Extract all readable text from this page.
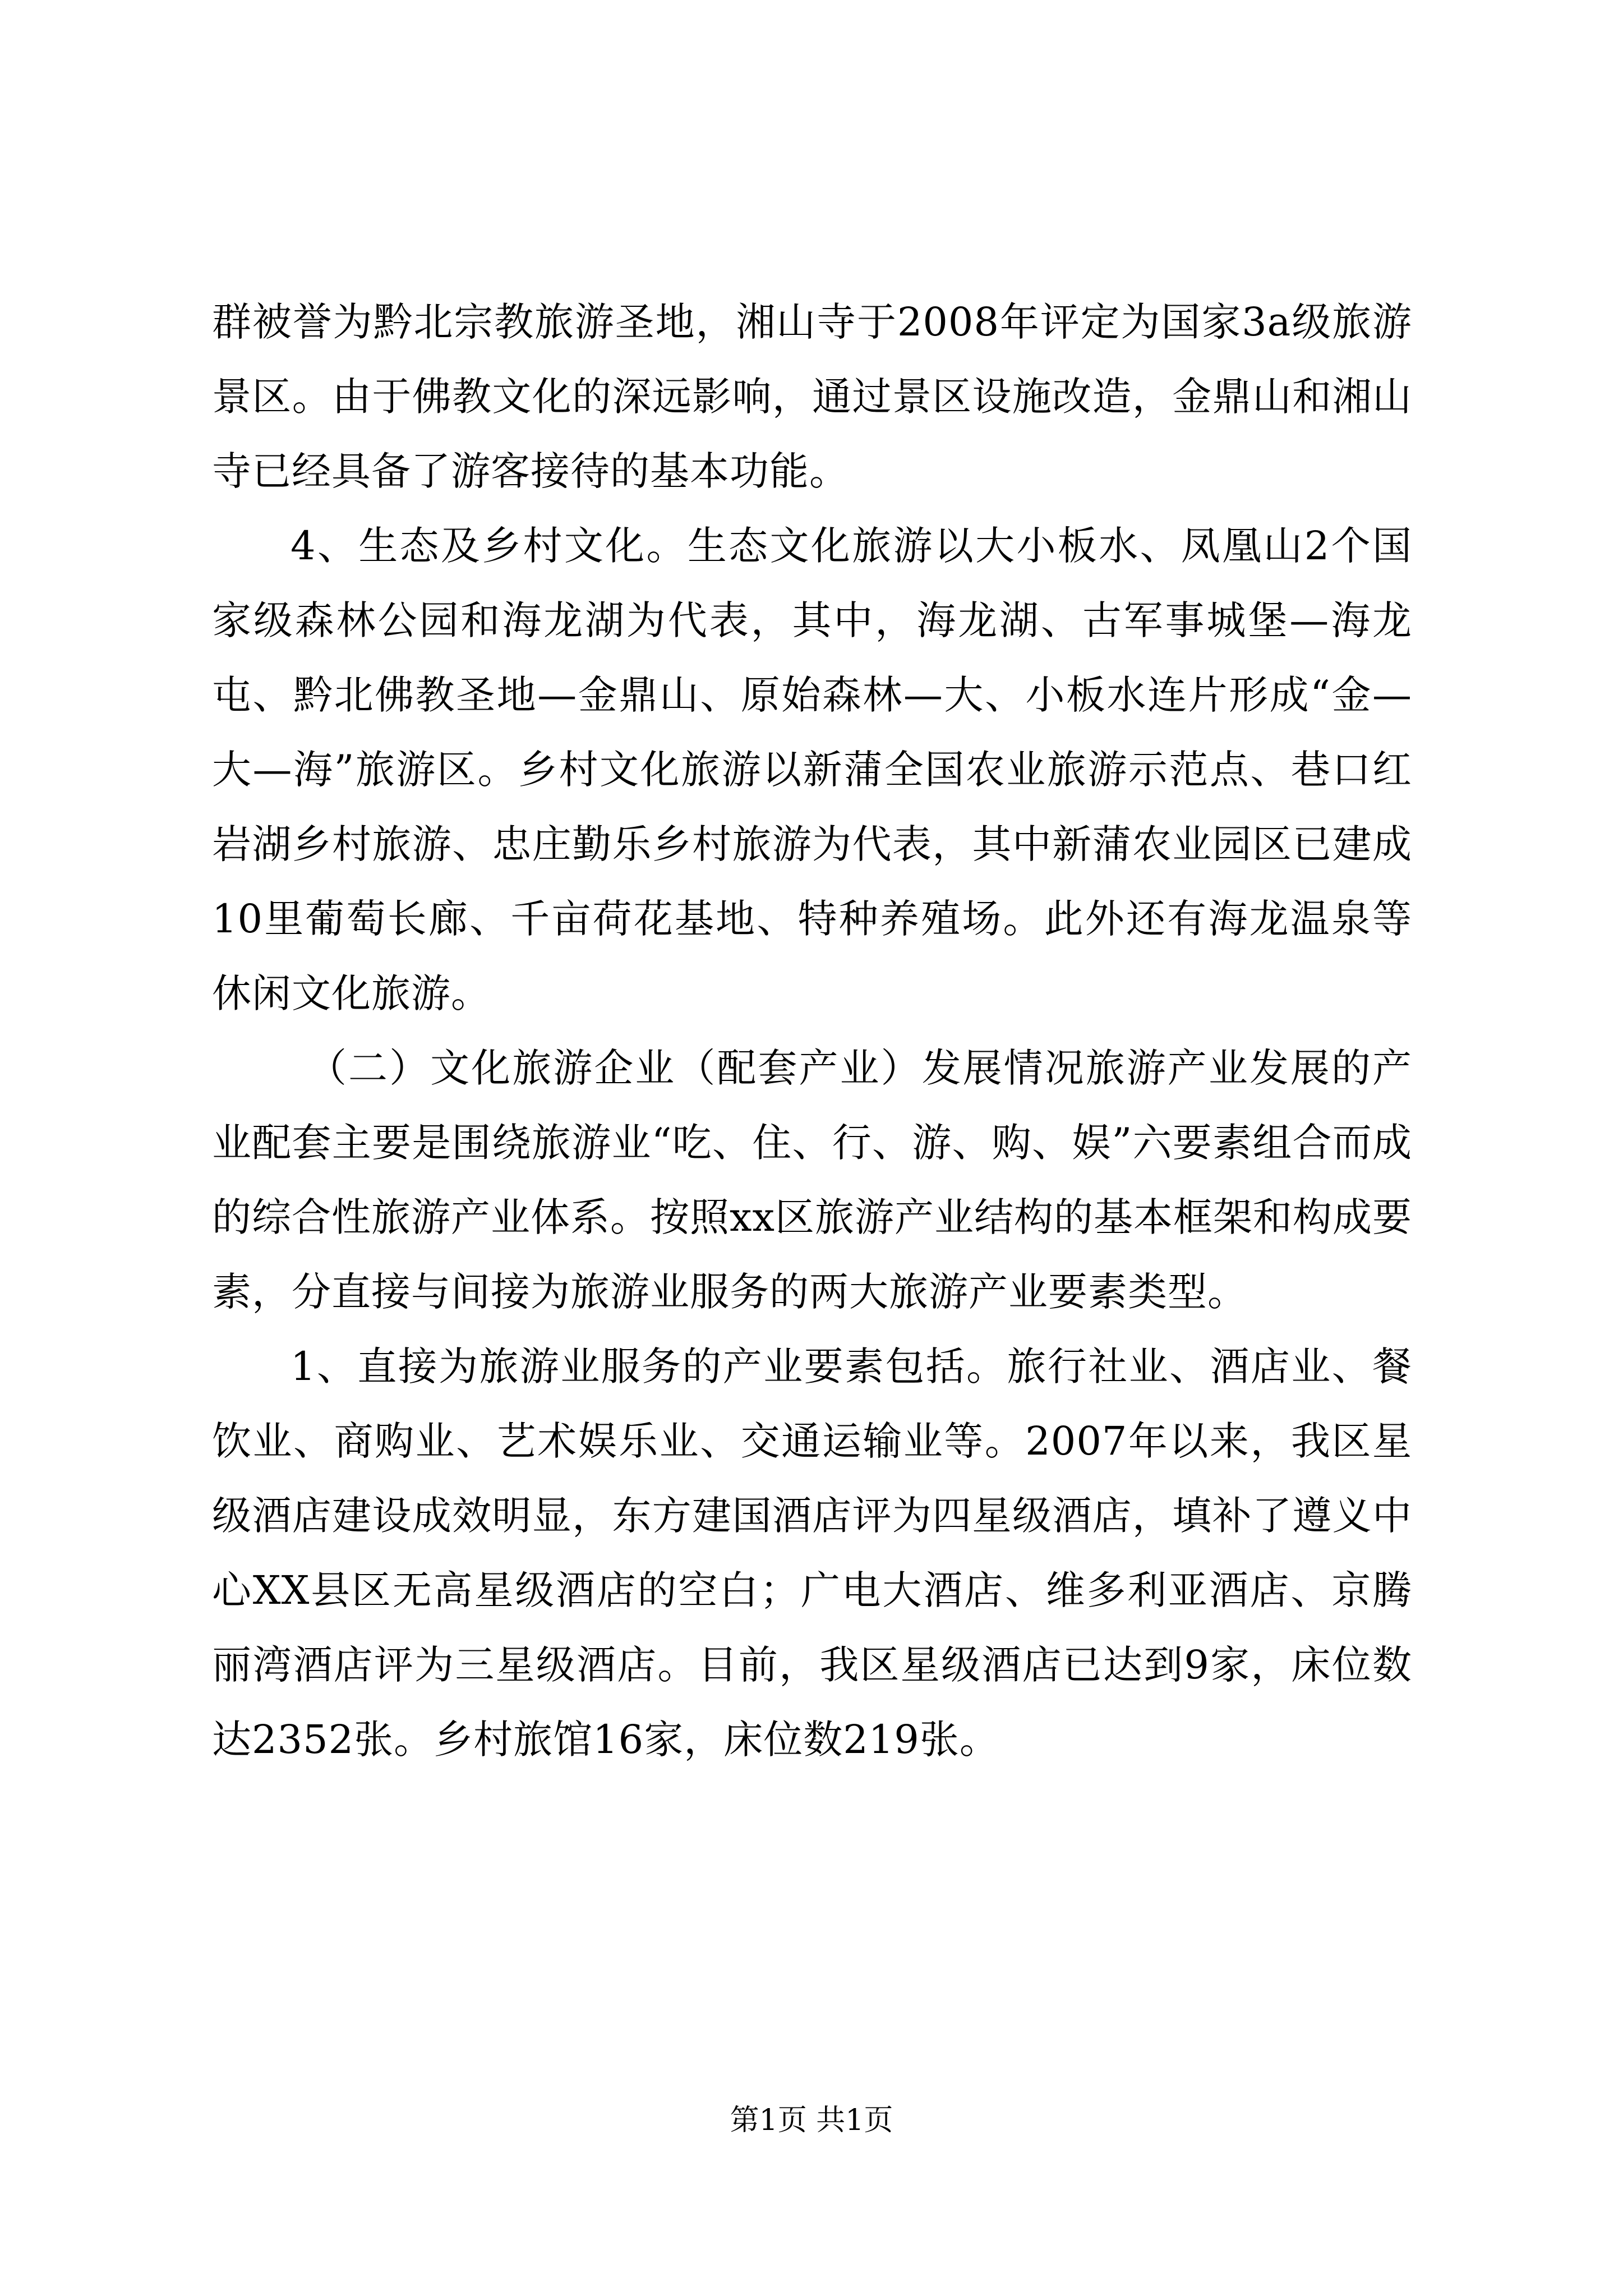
群被誉为黔北宗教旅游圣地，湘山寺于2008年评定为国家3a级旅游景区。由于佛教文化的深远影响，通过景区设施改造，金鼎山和湘山寺已经具备了游客接待的基本功能。

4、生态及乡村文化。生态文化旅游以大小板水、凤凰山2个国家级森林公园和海龙湖为代表，其中，海龙湖、古军事城堡—海龙屯、黔北佛教圣地—金鼎山、原始森林—大、小板水连片形成“金—大—海”旅游区。乡村文化旅游以新蒲全国农业旅游示范点、巷口红岩湖乡村旅游、忠庄勤乐乡村旅游为代表，其中新蒲农业园区已建成10里葡萄长廊、千亩荷花基地、特种养殖场。此外还有海龙温泉等休闲文化旅游。

（二）文化旅游企业（配套产业）发展情况旅游产业发展的产业配套主要是围绕旅游业“吃、住、行、游、购、娱”六要素组合而成的综合性旅游产业体系。按照xx区旅游产业结构的基本框架和构成要素，分直接与间接为旅游业服务的两大旅游产业要素类型。

1、直接为旅游业服务的产业要素包括。旅行社业、酒店业、餐饮业、商购业、艺术娱乐业、交通运输业等。2007年以来，我区星级酒店建设成效明显，东方建国酒店评为四星级酒店，填补了遵义中心XX县区无高星级酒店的空白；广电大酒店、维多利亚酒店、京腾丽湾酒店评为三星级酒店。目前，我区星级酒店已达到9家，床位数达2352张。乡村旅馆16家，床位数219张。

第1页 共1页
